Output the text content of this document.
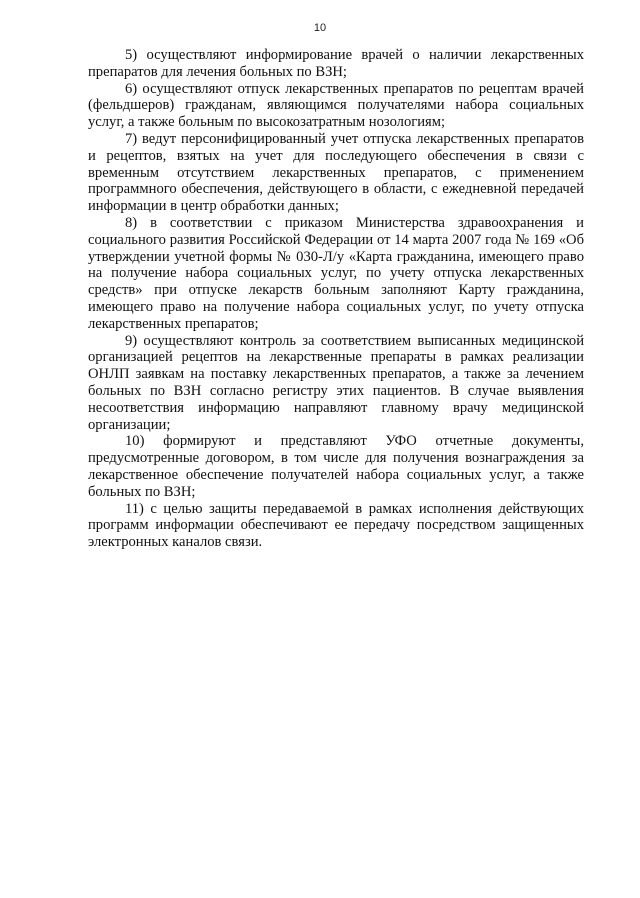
10

5) осуществляют информирование врачей о наличии лекарственных препаратов для лечения больных по ВЗН;

6) осуществляют отпуск лекарственных препаратов по рецептам врачей (фельдшеров) гражданам, являющимся получателями набора социальных услуг, а также больным по высокозатратным нозологиям;

7) ведут персонифицированный учет отпуска лекарственных препаратов и рецептов, взятых на учет для последующего обеспечения в связи с временным отсутствием лекарственных препаратов, с применением программного обеспечения, действующего в области, с ежедневной передачей информации в центр обработки данных;

8) в соответствии с приказом Министерства здравоохранения и социального развития Российской Федерации от 14 марта 2007 года № 169 «Об утверждении учетной формы № 030-Л/у «Карта гражданина, имеющего право на получение набора социальных услуг, по учету отпуска лекарственных средств» при отпуске лекарств больным заполняют Карту гражданина, имеющего право на получение набора социальных услуг, по учету отпуска лекарственных препаратов;

9) осуществляют контроль за соответствием выписанных медицинской организацией рецептов на лекарственные препараты в рамках реализации ОНЛП заявкам на поставку лекарственных препаратов, а также за лечением больных по ВЗН согласно регистру этих пациентов. В случае выявления несоответствия информацию направляют главному врачу медицинской организации;

10) формируют и представляют УФО отчетные документы, предусмотренные договором, в том числе для получения вознаграждения за лекарственное обеспечение получателей набора социальных услуг, а также больных по ВЗН;

11) с целью защиты передаваемой в рамках исполнения действующих программ информации обеспечивают ее передачу посредством защищенных электронных каналов связи.
